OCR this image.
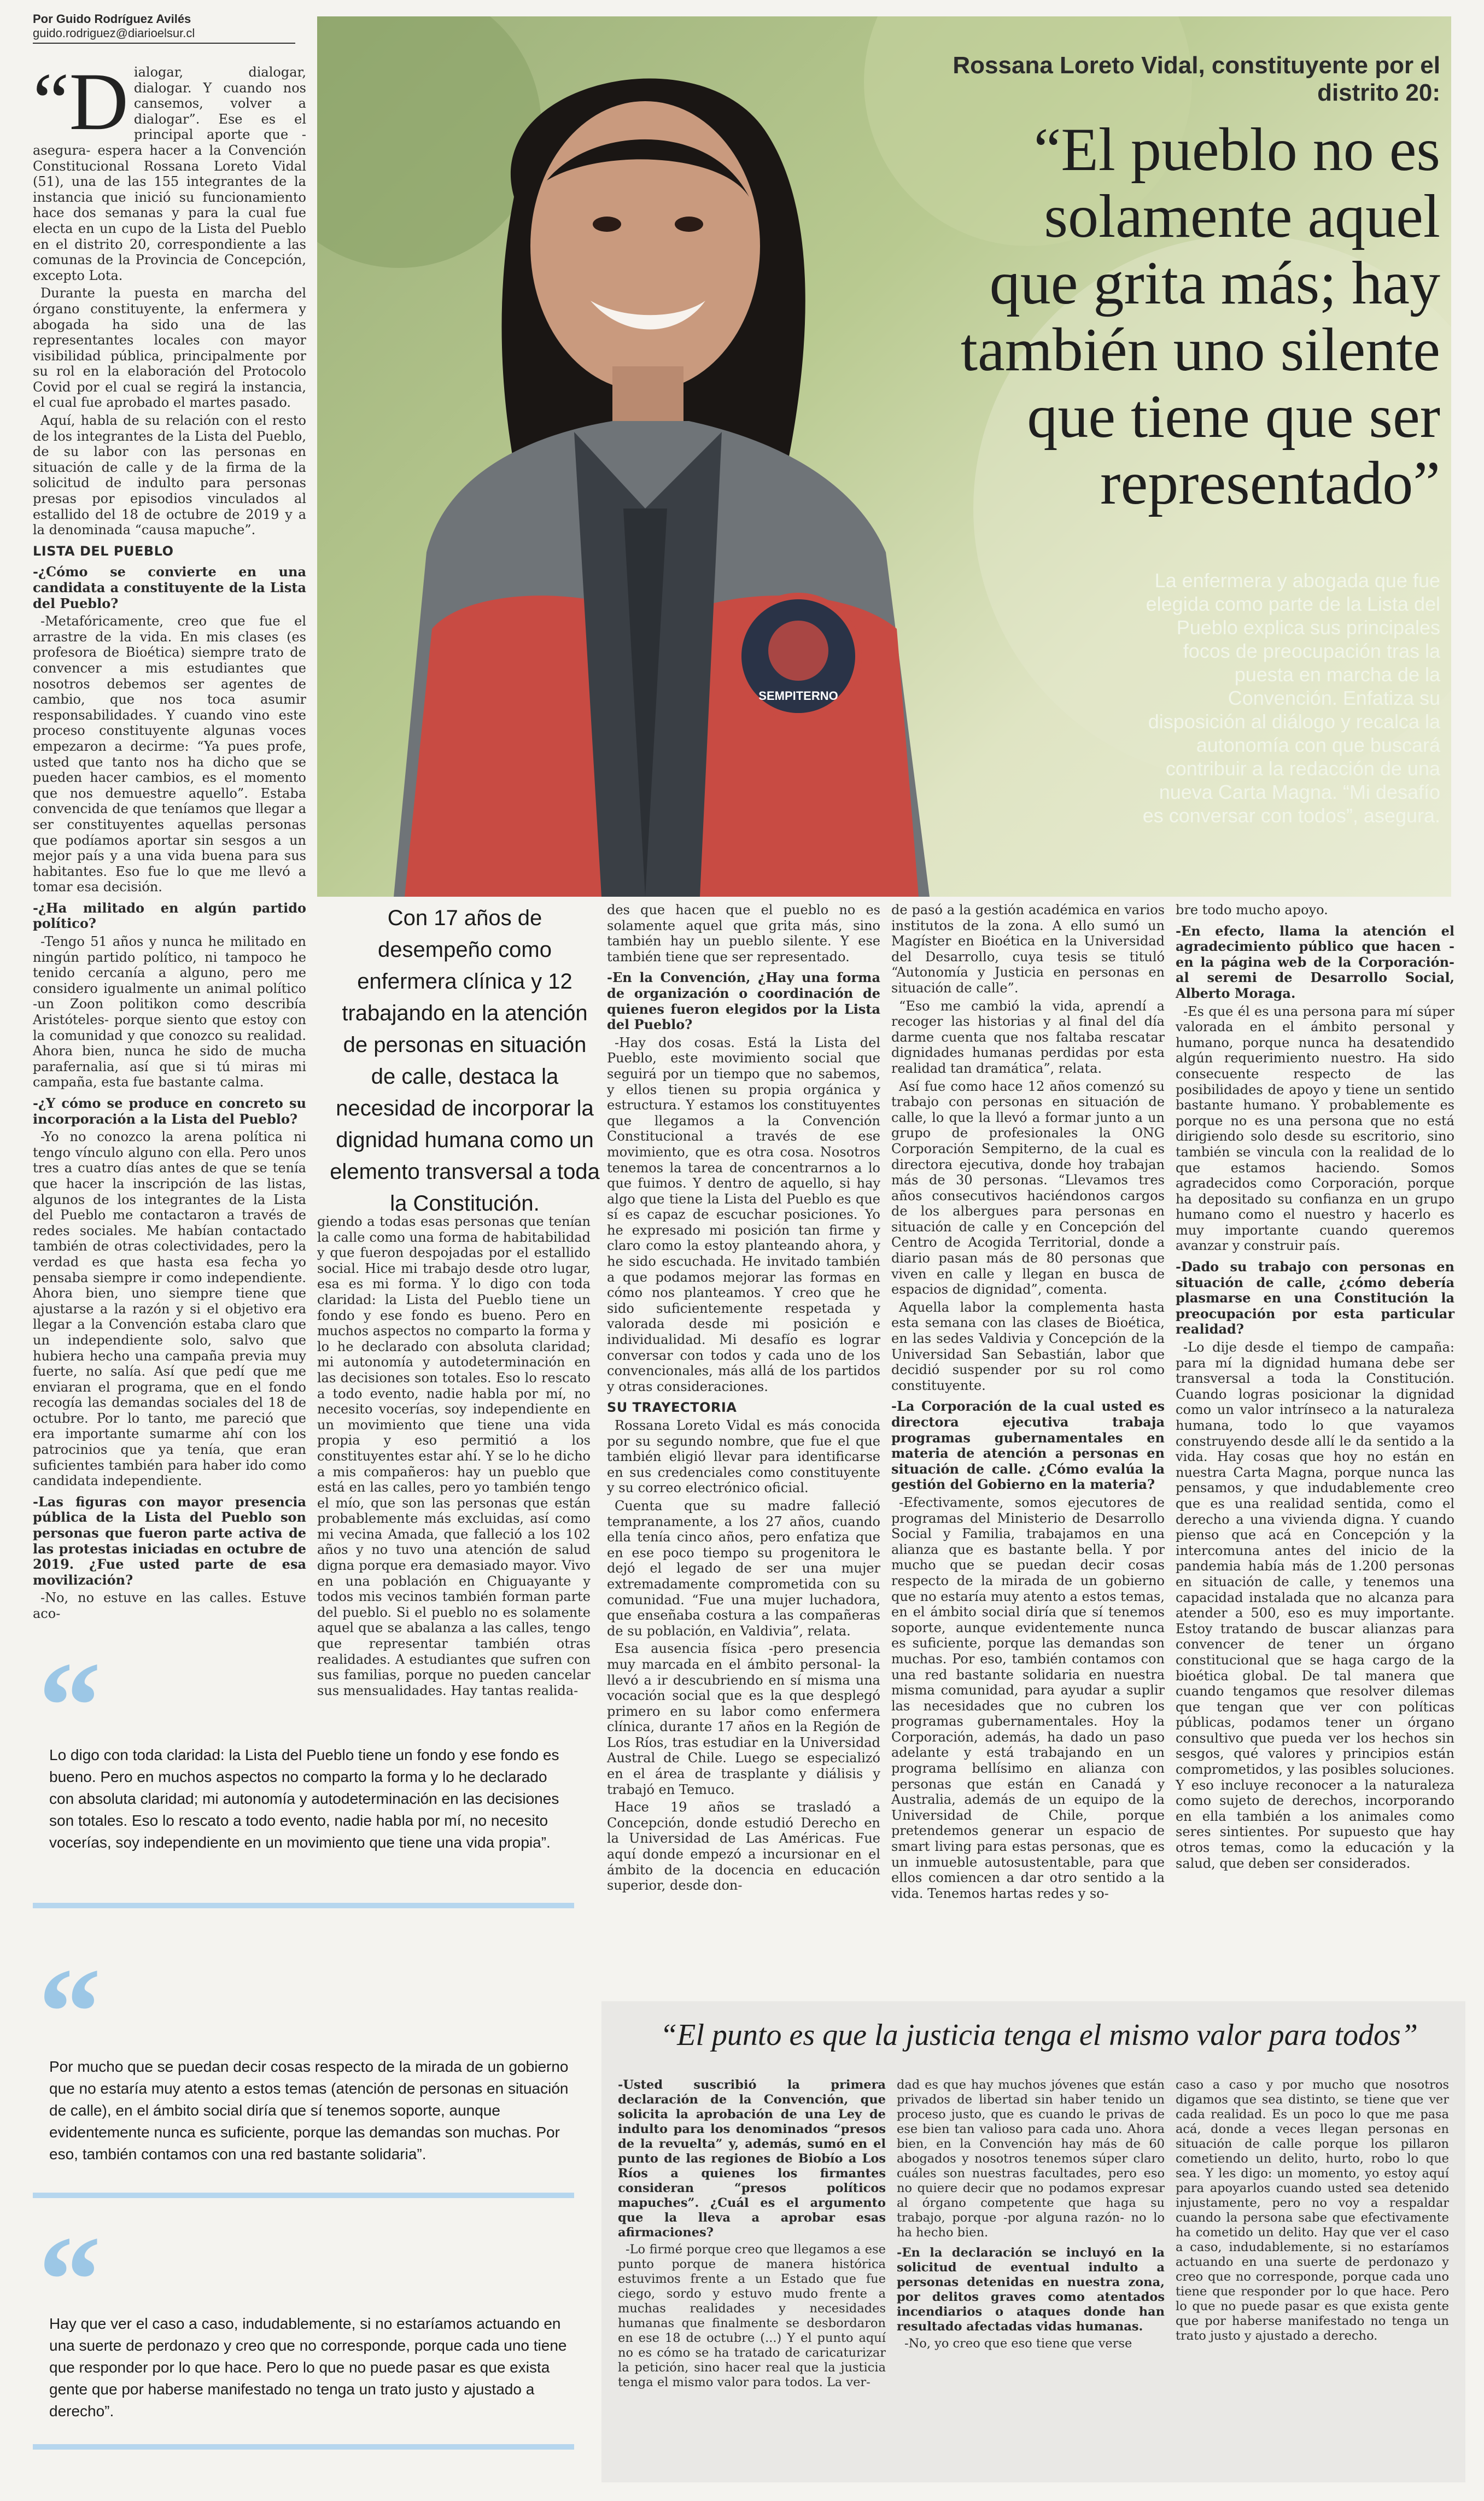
Por Guido Rodríguez Avilés
guido.rodriguez@diarioelsur.cl
SEMPITERNO
Rossana Loreto Vidal, constituyente por el distrito 20:
“El pueblo no es
solamente aquel
que grita más; hay
también uno silente
que tiene que ser
representado”
La enfermera y abogada que fue elegida como parte de la Lista del Pueblo explica sus principales focos de preocupación tras la puesta en marcha de la Convención. Enfatiza su disposición al diálogo y recalca la autonomía con que buscará contribuir a la redacción de una nueva Carta Magna. “Mi desafío es conversar con todos”, asegura.

“Dialogar, dialogar, dialogar. Y cuando nos cansemos, volver a dialogar”. Ese es el principal aporte que -asegura- espera hacer a la Convención Constitucional Rossana Loreto Vidal (51), una de las 155 integrantes de la instancia que inició su funcionamiento hace dos semanas y para la cual fue electa en un cupo de la Lista del Pueblo en el distrito 20, correspondiente a las comunas de la Provincia de Concepción, excepto Lota.

Durante la puesta en marcha del órgano constituyente, la enfermera y abogada ha sido una de las representantes locales con mayor visibilidad pública, principalmente por su rol en la elaboración del Protocolo Covid por el cual se regirá la instancia, el cual fue aprobado el martes pasado.

Aquí, habla de su relación con el resto de los integrantes de la Lista del Pueblo, de su labor con las personas en situación de calle y de la firma de la solicitud de indulto para personas presas por episodios vinculados al estallido del 18 de octubre de 2019 y a la denominada “causa mapuche”.

LISTA DEL PUEBLO

-¿Cómo se convierte en una candidata a constituyente de la Lista del Pueblo?

-Metafóricamente, creo que fue el arrastre de la vida. En mis clases (es profesora de Bioética) siempre trato de convencer a mis estudiantes que nosotros debemos ser agentes de cambio, que nos toca asumir responsabilidades. Y cuando vino este proceso constituyente algunas voces empezaron a decirme: “Ya pues profe, usted que tanto nos ha dicho que se pueden hacer cambios, es el momento que nos demuestre aquello”. Estaba convencida de que teníamos que llegar a ser constituyentes aquellas personas que podíamos aportar sin sesgos a un mejor país y a una vida buena para sus habitantes. Eso fue lo que me llevó a tomar esa decisión.

-¿Ha militado en algún partido político?

-Tengo 51 años y nunca he militado en ningún partido político, ni tampoco he tenido cercanía a alguno, pero me considero igualmente un animal político -un Zoon politikon como describía Aristóteles- porque siento que estoy con la comunidad y que conozco su realidad. Ahora bien, nunca he sido de mucha parafernalia, así que si tú miras mi campaña, esta fue bastante calma.

-¿Y cómo se produce en concreto su incorporación a la Lista del Pueblo?

-Yo no conozco la arena política ni tengo vínculo alguno con ella. Pero unos tres a cuatro días antes de que se tenía que hacer la inscripción de las listas, algunos de los integrantes de la Lista del Pueblo me contactaron a través de redes sociales. Me habían contactado también de otras colectividades, pero la verdad es que hasta esa fecha yo pensaba siempre ir como independiente. Ahora bien, uno siempre tiene que ajustarse a la razón y si el objetivo era llegar a la Convención estaba claro que un independiente solo, salvo que hubiera hecho una campaña previa muy fuerte, no salía. Así que pedí que me enviaran el programa, que en el fondo recogía las demandas sociales del 18 de octubre. Por lo tanto, me pareció que era importante sumarme ahí con los patrocinios que ya tenía, que eran suficientes también para haber ido como candidata independiente.

-Las figuras con mayor presencia pública de la Lista del Pueblo son personas que fueron parte activa de las protestas iniciadas en octubre de 2019. ¿Fue usted parte de esa movilización?

-No, no estuve en las calles. Estuve aco-

Con 17 años de desempeño como enfermera clínica y 12 trabajando en la atención de personas en situación de calle, destaca la necesidad de incorporar la dignidad humana como un elemento transversal a toda la Constitución.

giendo a todas esas personas que tenían la calle como una forma de habitabilidad y que fueron despojadas por el estallido social. Hice mi trabajo desde otro lugar, esa es mi forma. Y lo digo con toda claridad: la Lista del Pueblo tiene un fondo y ese fondo es bueno. Pero en muchos aspectos no comparto la forma y lo he declarado con absoluta claridad; mi autonomía y autodeterminación en las decisiones son totales. Eso lo rescato a todo evento, nadie habla por mí, no necesito vocerías, soy independiente en un movimiento que tiene una vida propia y eso permitió a los constituyentes estar ahí. Y se lo he dicho a mis compañeros: hay un pueblo que está en las calles, pero yo también tengo el mío, que son las personas que están probablemente más excluidas, así como mi vecina Amada, que falleció a los 102 años y no tuvo una atención de salud digna porque era demasiado mayor. Vivo en una población en Chiguayante y todos mis vecinos también forman parte del pueblo. Si el pueblo no es solamente aquel que se abalanza a las calles, tengo que representar también otras realidades. A estudiantes que sufren con sus familias, porque no pueden cancelar sus mensualidades. Hay tantas realida-

des que hacen que el pueblo no es solamente aquel que grita más, sino también hay un pueblo silente. Y ese también tiene que ser representado.

-En la Convención, ¿Hay una forma de organización o coordinación de quienes fueron elegidos por la Lista del Pueblo?

-Hay dos cosas. Está la Lista del Pueblo, este movimiento social que seguirá por un tiempo que no sabemos, y ellos tienen su propia orgánica y estructura. Y estamos los constituyentes que llegamos a la Convención Constitucional a través de ese movimiento, que es otra cosa. Nosotros tenemos la tarea de concentrarnos a lo que fuimos. Y dentro de aquello, si hay algo que tiene la Lista del Pueblo es que sí es capaz de escuchar posiciones. Yo he expresado mi posición tan firme y claro como la estoy planteando ahora, y he sido escuchada. He invitado también a que podamos mejorar las formas en cómo nos planteamos. Y creo que he sido suficientemente respetada y valorada desde mi posición e individualidad. Mi desafío es lograr conversar con todos y cada uno de los convencionales, más allá de los partidos y otras consideraciones.

SU TRAYECTORIA

Rossana Loreto Vidal es más conocida por su segundo nombre, que fue el que también eligió llevar para identificarse en sus credenciales como constituyente y su correo electrónico oficial.

Cuenta que su madre falleció tempranamente, a los 27 años, cuando ella tenía cinco años, pero enfatiza que en ese poco tiempo su progenitora le dejó el legado de ser una mujer extremadamente comprometida con su comunidad. “Fue una mujer luchadora, que enseñaba costura a las compañeras de su población, en Valdivia”, relata.

Esa ausencia física -pero presencia muy marcada en el ámbito personal- la llevó a ir descubriendo en sí misma una vocación social que es la que desplegó primero en su labor como enfermera clínica, durante 17 años en la Región de Los Ríos, tras estudiar en la Universidad Austral de Chile. Luego se especializó en el área de trasplante y diálisis y trabajó en Temuco.

Hace 19 años se trasladó a Concepción, donde estudió Derecho en la Universidad de Las Américas. Fue aquí donde empezó a incursionar en el ámbito de la docencia en educación superior, desde don-

de pasó a la gestión académica en varios institutos de la zona. A ello sumó un Magíster en Bioética en la Universidad del Desarrollo, cuya tesis se tituló “Autonomía y Justicia en personas en situación de calle”.

“Eso me cambió la vida, aprendí a recoger las historias y al final del día darme cuenta que nos faltaba rescatar dignidades humanas perdidas por esta realidad tan dramática”, relata.

Así fue como hace 12 años comenzó su trabajo con personas en situación de calle, lo que la llevó a formar junto a un grupo de profesionales la ONG Corporación Sempiterno, de la cual es directora ejecutiva, donde hoy trabajan más de 30 personas. “Llevamos tres años consecutivos haciéndonos cargos de los albergues para personas en situación de calle y en Concepción del Centro de Acogida Territorial, donde a diario pasan más de 80 personas que viven en calle y llegan en busca de espacios de dignidad”, comenta.

Aquella labor la complementa hasta esta semana con las clases de Bioética, en las sedes Valdivia y Concepción de la Universidad San Sebastián, labor que decidió suspender por su rol como constituyente.

-La Corporación de la cual usted es directora ejecutiva trabaja programas gubernamentales en materia de atención a personas en situación de calle. ¿Cómo evalúa la gestión del Gobierno en la materia?

-Efectivamente, somos ejecutores de programas del Ministerio de Desarrollo Social y Familia, trabajamos en una alianza que es bastante bella. Y por mucho que se puedan decir cosas respecto de la mirada de un gobierno que no estaría muy atento a estos temas, en el ámbito social diría que sí tenemos soporte, aunque evidentemente nunca es suficiente, porque las demandas son muchas. Por eso, también contamos con una red bastante solidaria en nuestra misma comunidad, para ayudar a suplir las necesidades que no cubren los programas gubernamentales. Hoy la Corporación, además, ha dado un paso adelante y está trabajando en un programa bellísimo en alianza con personas que están en Canadá y Australia, además de un equipo de la Universidad de Chile, porque pretendemos generar un espacio de smart living para estas personas, que es un inmueble autosustentable, para que ellos comiencen a dar otro sentido a la vida. Tenemos hartas redes y so-

bre todo mucho apoyo.

-En efecto, llama la atención el agradecimiento público que hacen -en la página web de la Corporación- al seremi de Desarrollo Social, Alberto Moraga.

-Es que él es una persona para mí súper valorada en el ámbito personal y humano, porque nunca ha desatendido algún requerimiento nuestro. Ha sido consecuente respecto de las posibilidades de apoyo y tiene un sentido bastante humano. Y probablemente es porque no es una persona que no está dirigiendo solo desde su escritorio, sino también se vincula con la realidad de lo que estamos haciendo. Somos agradecidos como Corporación, porque ha depositado su confianza en un grupo humano como el nuestro y hacerlo es muy importante cuando queremos avanzar y construir país.

-Dado su trabajo con personas en situación de calle, ¿cómo debería plasmarse en una Constitución la preocupación por esta particular realidad?

-Lo dije desde el tiempo de campaña: para mí la dignidad humana debe ser transversal a toda la Constitución. Cuando logras posicionar la dignidad como un valor intrínseco a la naturaleza humana, todo lo que vayamos construyendo desde allí le da sentido a la vida. Hay cosas que hoy no están en nuestra Carta Magna, porque nunca las pensamos, y que indudablemente creo que es una realidad sentida, como el derecho a una vivienda digna. Y cuando pienso que acá en Concepción y la intercomuna antes del inicio de la pandemia había más de 1.200 personas en situación de calle, y tenemos una capacidad instalada que no alcanza para atender a 500, eso es muy importante. Estoy tratando de buscar alianzas para convencer de tener un órgano constitucional que se haga cargo de la bioética global. De tal manera que cuando tengamos que resolver dilemas que tengan que ver con políticas públicas, podamos tener un órgano consultivo que pueda ver los hechos sin sesgos, qué valores y principios están comprometidos, y las posibles soluciones. Y eso incluye reconocer a la naturaleza como sujeto de derechos, incorporando en ella también a los animales como seres sintientes. Por supuesto que hay otros temas, como la educación y la salud, que deben ser considerados.

“
Lo digo con toda claridad: la Lista del Pueblo tiene un fondo y ese fondo es bueno. Pero en muchos aspectos no comparto la forma y lo he declarado con absoluta claridad; mi autonomía y autodeterminación en las decisiones son totales. Eso lo rescato a todo evento, nadie habla por mí, no necesito vocerías, soy independiente en un movimiento que tiene una vida propia”.
“
Por mucho que se puedan decir cosas respecto de la mirada de un gobierno que no estaría muy atento a estos temas (atención de personas en situación de calle), en el ámbito social diría que sí tenemos soporte, aunque evidentemente nunca es suficiente, porque las demandas son muchas. Por eso, también contamos con una red bastante solidaria”.
“
Hay que ver el caso a caso, indudablemente, si no estaríamos actuando en una suerte de perdonazo y creo que no corresponde, porque cada uno tiene que responder por lo que hace. Pero lo que no puede pasar es que exista gente que por haberse manifestado no tenga un trato justo y ajustado a derecho”.
“El punto es que la justicia tenga el mismo valor para todos”

-Usted suscribió la primera declaración de la Convención, que solicita la aprobación de una Ley de indulto para los denominados “presos de la revuelta” y, además, sumó en el punto de las regiones de Biobío a Los Ríos a quienes los firmantes consideran “presos políticos mapuches”. ¿Cuál es el argumento que la lleva a aprobar esas afirmaciones?

-Lo firmé porque creo que llegamos a ese punto porque de manera histórica estuvimos frente a un Estado que fue ciego, sordo y estuvo mudo frente a muchas realidades y necesidades humanas que finalmente se desbordaron en ese 18 de octubre (...) Y el punto aquí no es cómo se ha tratado de caricaturizar la petición, sino hacer real que la justicia tenga el mismo valor para todos. La ver-

dad es que hay muchos jóvenes que están privados de libertad sin haber tenido un proceso justo, que es cuando le privas de ese bien tan valioso para cada uno. Ahora bien, en la Convención hay más de 60 abogados y nosotros tenemos súper claro cuáles son nuestras facultades, pero eso no quiere decir que no podamos expresar al órgano competente que haga su trabajo, porque -por alguna razón- no lo ha hecho bien.

-En la declaración se incluyó en la solicitud de eventual indulto a personas detenidas en nuestra zona, por delitos graves como atentados incendiarios o ataques donde han resultado afectadas vidas humanas.

-No, yo creo que eso tiene que verse

caso a caso y por mucho que nosotros digamos que sea distinto, se tiene que ver cada realidad. Es un poco lo que me pasa acá, donde a veces llegan personas en situación de calle porque los pillaron cometiendo un delito, hurto, robo lo que sea. Y les digo: un momento, yo estoy aquí para apoyarlos cuando usted sea detenido injustamente, pero no voy a respaldar cuando la persona sabe que efectivamente ha cometido un delito. Hay que ver el caso a caso, indudablemente, si no estaríamos actuando en una suerte de perdonazo y creo que no corresponde, porque cada uno tiene que responder por lo que hace. Pero lo que no puede pasar es que exista gente que por haberse manifestado no tenga un trato justo y ajustado a derecho.
